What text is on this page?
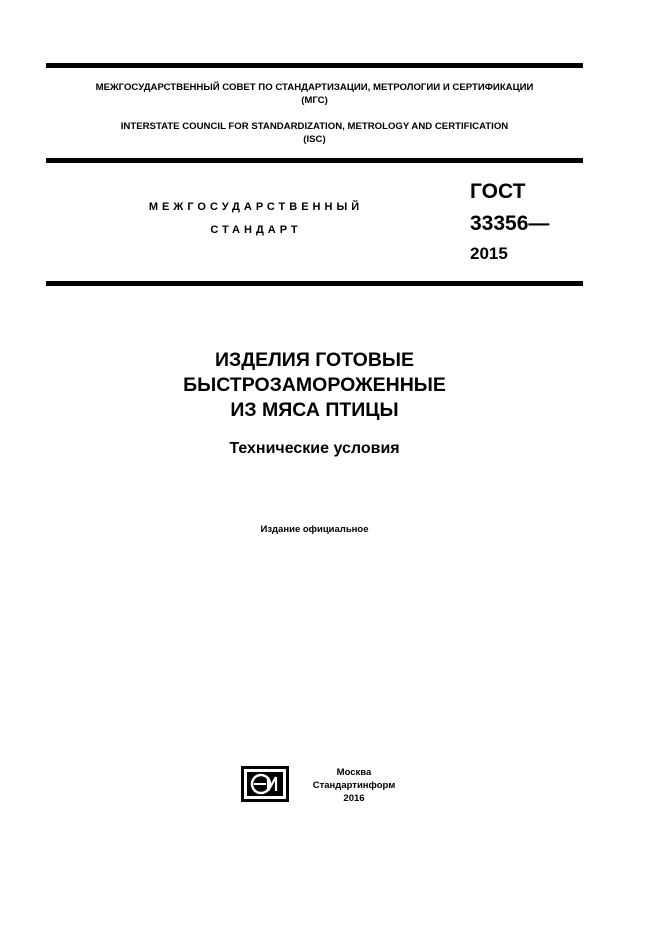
МЕЖГОСУДАРСТВЕННЫЙ СОВЕТ ПО СТАНДАРТИЗАЦИИ, МЕТРОЛОГИИ И СЕРТИФИКАЦИИ

(МГС)

INTERSTATE COUNCIL FOR STANDARDIZATION, METROLOGY AND CERTIFICATION

(ISC)

МЕЖГОСУДАРСТВЕННЫЙ

СТАНДАРТ

ГОСТ

33356—

2015

ИЗДЕЛИЯ ГОТОВЫЕ

БЫСТРОЗАМОРОЖЕННЫЕ

ИЗ МЯСА ПТИЦЫ

Технические условия

Издание официальное

Москва

Стандартинформ

2016
